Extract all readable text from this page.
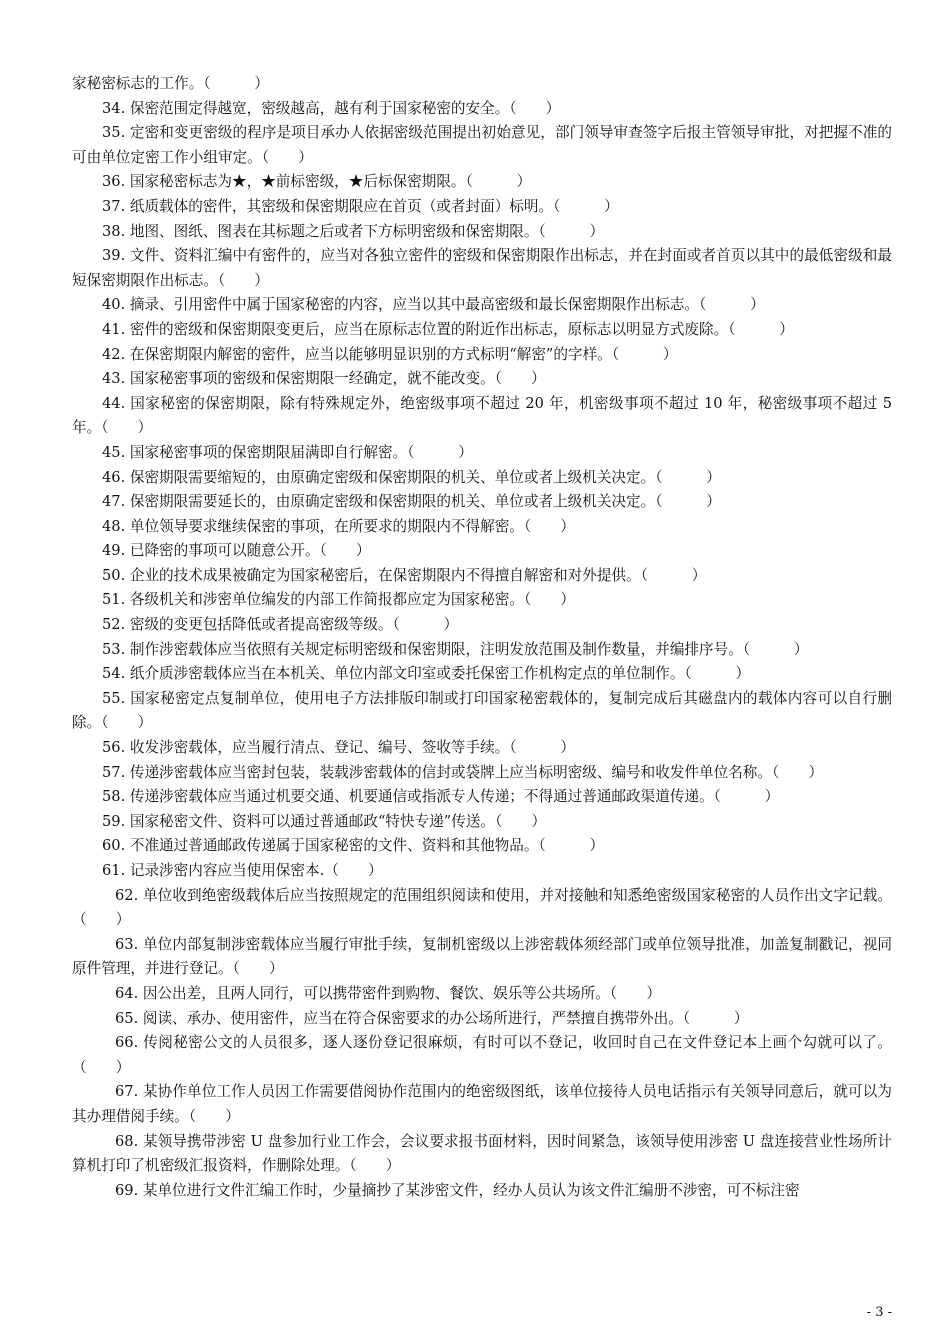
家秘密标志的工作。（　　　）

34. 保密范围定得越宽，密级越高，越有利于国家秘密的安全。（　　）

35. 定密和变更密级的程序是项目承办人依据密级范围提出初始意见，部门领导审查签字后报主管领导审批，对把握不准的可由单位定密工作小组审定。（　　）

36. 国家秘密标志为★，★前标密级，★后标保密期限。（　　　）

37. 纸质载体的密件，其密级和保密期限应在首页（或者封面）标明。（　　　）

38. 地图、图纸、图表在其标题之后或者下方标明密级和保密期限。（　　　）

39. 文件、资料汇编中有密件的，应当对各独立密件的密级和保密期限作出标志，并在封面或者首页以其中的最低密级和最短保密期限作出标志。（　　）

40. 摘录、引用密件中属于国家秘密的内容，应当以其中最高密级和最长保密期限作出标志。（　　　）

41. 密件的密级和保密期限变更后，应当在原标志位置的附近作出标志，原标志以明显方式废除。（　　　）

42. 在保密期限内解密的密件，应当以能够明显识别的方式标明“解密”的字样。（　　　）

43. 国家秘密事项的密级和保密期限一经确定，就不能改变。（　　）

44. 国家秘密的保密期限，除有特殊规定外，绝密级事项不超过 20 年，机密级事项不超过 10 年，秘密级事项不超过 5 年。（　　）

45. 国家秘密事项的保密期限届满即自行解密。（　　　）

46. 保密期限需要缩短的，由原确定密级和保密期限的机关、单位或者上级机关决定。（　　　）

47. 保密期限需要延长的，由原确定密级和保密期限的机关、单位或者上级机关决定。（　　　）

48. 单位领导要求继续保密的事项，在所要求的期限内不得解密。（　　）

49. 已降密的事项可以随意公开。（　　）

50. 企业的技术成果被确定为国家秘密后，在保密期限内不得擅自解密和对外提供。（　　　）

51. 各级机关和涉密单位编发的内部工作简报都应定为国家秘密。（　　）

52. 密级的变更包括降低或者提高密级等级。（　　　）

53. 制作涉密载体应当依照有关规定标明密级和保密期限，注明发放范围及制作数量，并编排序号。（　　　）

54. 纸介质涉密载体应当在本机关、单位内部文印室或委托保密工作机构定点的单位制作。（　　　）

55. 国家秘密定点复制单位，使用电子方法排版印制或打印国家秘密载体的，复制完成后其磁盘内的载体内容可以自行删除。（　　）

56. 收发涉密载体，应当履行清点、登记、编号、签收等手续。（　　　）

57. 传递涉密载体应当密封包装，装载涉密载体的信封或袋牌上应当标明密级、编号和收发件单位名称。（　　）

58. 传递涉密载体应当通过机要交通、机要通信或指派专人传递；不得通过普通邮政渠道传递。（　　　）

59. 国家秘密文件、资料可以通过普通邮政“特快专递”传送。（　　）

60. 不准通过普通邮政传递属于国家秘密的文件、资料和其他物品。（　　　）

61. 记录涉密内容应当使用保密本.（　　）

62. 单位收到绝密级载体后应当按照规定的范围组织阅读和使用，并对接触和知悉绝密级国家秘密的人员作出文字记载。（　　）

63. 单位内部复制涉密载体应当履行审批手续，复制机密级以上涉密载体须经部门或单位领导批准，加盖复制戳记，视同原件管理，并进行登记。（　　）

64. 因公出差，且两人同行，可以携带密件到购物、餐饮、娱乐等公共场所。（　　）

65. 阅读、承办、使用密件，应当在符合保密要求的办公场所进行，严禁擅自携带外出。（　　　）

66. 传阅秘密公文的人员很多，逐人逐份登记很麻烦，有时可以不登记，收回时自己在文件登记本上画个勾就可以了。（　　）

67. 某协作单位工作人员因工作需要借阅协作范围内的绝密级图纸，该单位接待人员电话指示有关领导同意后，就可以为其办理借阅手续。（　　）

68. 某领导携带涉密 U 盘参加行业工作会，会议要求报书面材料，因时间紧急，该领导使用涉密 U 盘连接营业性场所计算机打印了机密级汇报资料，作删除处理。（　　）

69. 某单位进行文件汇编工作时，少量摘抄了某涉密文件，经办人员认为该文件汇编册不涉密，可不标注密

- 3 -
